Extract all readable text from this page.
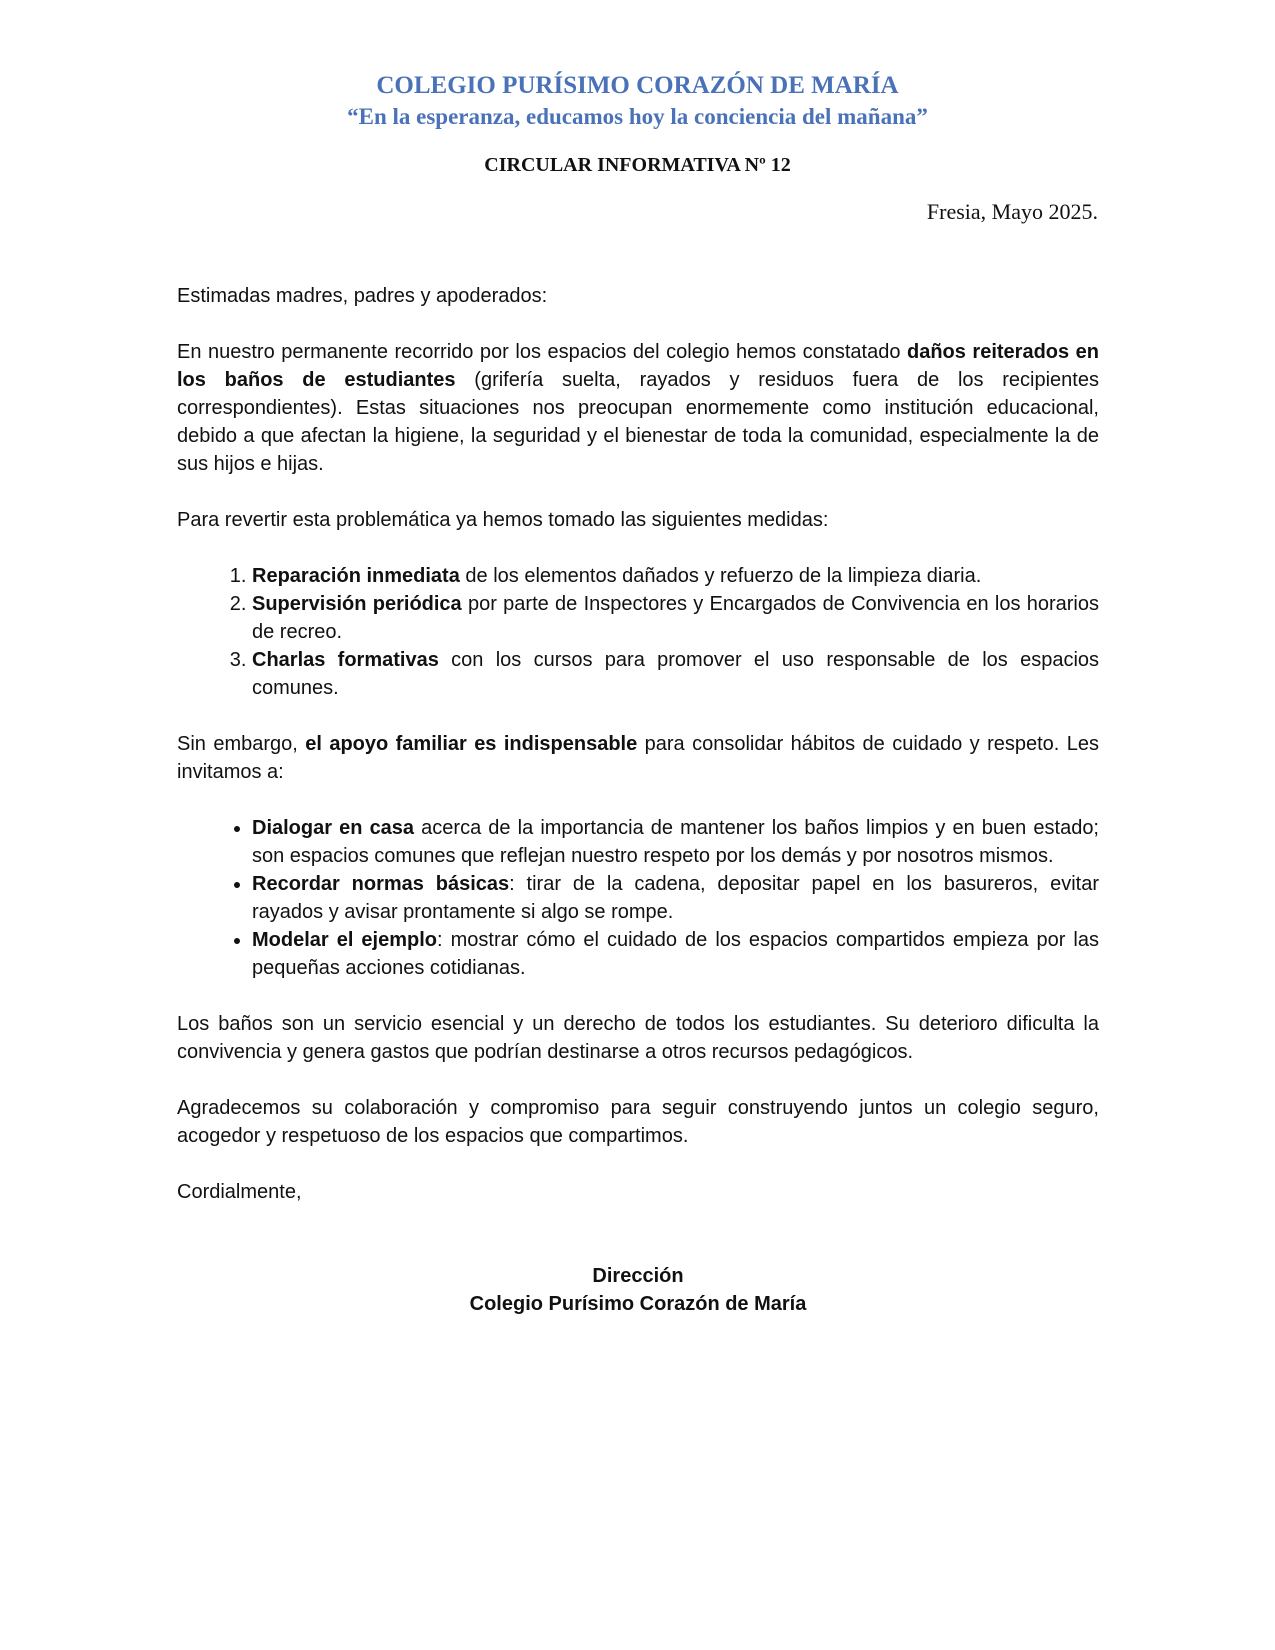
COLEGIO PURÍSIMO CORAZÓN DE MARÍA
“En la esperanza, educamos hoy la conciencia del mañana”
CIRCULAR INFORMATIVA Nº 12
Fresia, Mayo 2025.

Estimadas madres, padres y apoderados:

En nuestro permanente recorrido por los espacios del colegio hemos constatado daños reiterados en los baños de estudiantes (grifería suelta, rayados y residuos fuera de los recipientes correspondientes). Estas situaciones nos preocupan enormemente como institución educacional, debido a que afectan la higiene, la seguridad y el bienestar de toda la comunidad, especialmente la de sus hijos e hijas.

Para revertir esta problemática ya hemos tomado las siguientes medidas:

1. Reparación inmediata de los elementos dañados y refuerzo de la limpieza diaria.
2. Supervisión periódica por parte de Inspectores y Encargados de Convivencia en los horarios de recreo.
3. Charlas formativas con los cursos para promover el uso responsable de los espacios comunes.

Sin embargo, el apoyo familiar es indispensable para consolidar hábitos de cuidado y respeto. Les invitamos a:

• Dialogar en casa acerca de la importancia de mantener los baños limpios y en buen estado; son espacios comunes que reflejan nuestro respeto por los demás y por nosotros mismos.
• Recordar normas básicas: tirar de la cadena, depositar papel en los basureros, evitar rayados y avisar prontamente si algo se rompe.
• Modelar el ejemplo: mostrar cómo el cuidado de los espacios compartidos empieza por las pequeñas acciones cotidianas.

Los baños son un servicio esencial y un derecho de todos los estudiantes. Su deterioro dificulta la convivencia y genera gastos que podrían destinarse a otros recursos pedagógicos.

Agradecemos su colaboración y compromiso para seguir construyendo juntos un colegio seguro, acogedor y respetuoso de los espacios que compartimos.

Cordialmente,

Dirección
Colegio Purísimo Corazón de María
